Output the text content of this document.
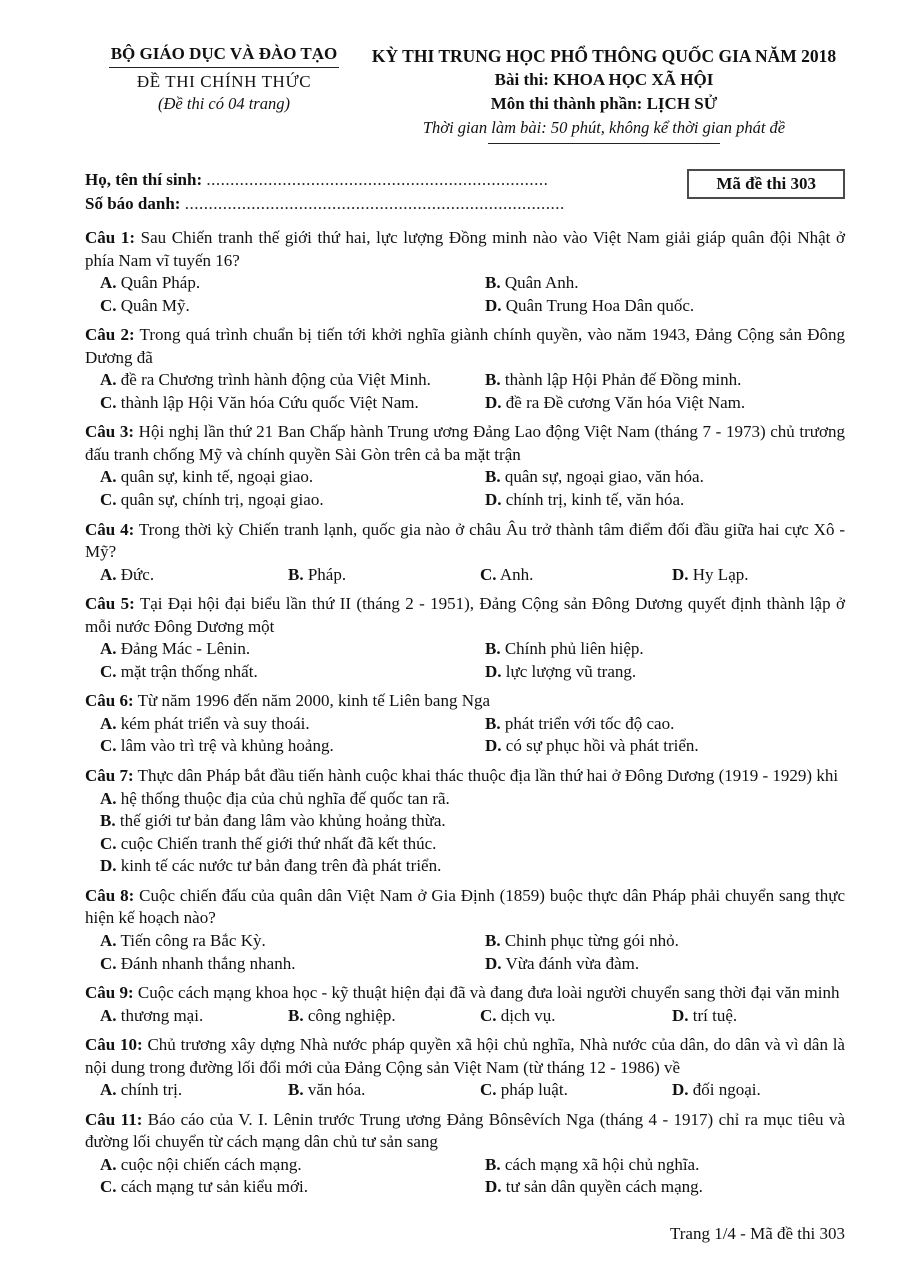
BỘ GIÁO DỤC VÀ ĐÀO TẠO
ĐỀ THI CHÍNH THỨC
(Đề thi có 04 trang)
KỲ THI TRUNG HỌC PHỔ THÔNG QUỐC GIA NĂM 2018
Bài thi: KHOA HỌC XÃ HỘI
Môn thi thành phần: LỊCH SỬ
Thời gian làm bài: 50 phút, không kể thời gian phát đề
Họ, tên thí sinh: ........................................................................
Số báo danh: ................................................................................
Mã đề thi 303

Câu 1: Sau Chiến tranh thế giới thứ hai, lực lượng Đồng minh nào vào Việt Nam giải giáp quân đội Nhật ở phía Nam vĩ tuyến 16?

A. Quân Pháp.	B. Quân Anh.
C. Quân Mỹ.	D. Quân Trung Hoa Dân quốc.

Câu 2: Trong quá trình chuẩn bị tiến tới khởi nghĩa giành chính quyền, vào năm 1943, Đảng Cộng sản Đông Dương đã

A. đề ra Chương trình hành động của Việt Minh.	B. thành lập Hội Phản đế Đồng minh.
C. thành lập Hội Văn hóa Cứu quốc Việt Nam.	D. đề ra Đề cương Văn hóa Việt Nam.

Câu 3: Hội nghị lần thứ 21 Ban Chấp hành Trung ương Đảng Lao động Việt Nam (tháng 7 - 1973) chủ trương đấu tranh chống Mỹ và chính quyền Sài Gòn trên cả ba mặt trận

A. quân sự, kinh tế, ngoại giao.	B. quân sự, ngoại giao, văn hóa.
C. quân sự, chính trị, ngoại giao.	D. chính trị, kinh tế, văn hóa.

Câu 4: Trong thời kỳ Chiến tranh lạnh, quốc gia nào ở châu Âu trở thành tâm điểm đối đầu giữa hai cực Xô - Mỹ?

A. Đức.	B. Pháp.	C. Anh.	D. Hy Lạp.

Câu 5: Tại Đại hội đại biểu lần thứ II (tháng 2 - 1951), Đảng Cộng sản Đông Dương quyết định thành lập ở mỗi nước Đông Dương một

A. Đảng Mác - Lênin.	B. Chính phủ liên hiệp.
C. mặt trận thống nhất.	D. lực lượng vũ trang.

Câu 6: Từ năm 1996 đến năm 2000, kinh tế Liên bang Nga

A. kém phát triển và suy thoái.	B. phát triển với tốc độ cao.
C. lâm vào trì trệ và khủng hoảng.	D. có sự phục hồi và phát triển.

Câu 7: Thực dân Pháp bắt đầu tiến hành cuộc khai thác thuộc địa lần thứ hai ở Đông Dương (1919 - 1929) khi

A. hệ thống thuộc địa của chủ nghĩa đế quốc tan rã.
B. thế giới tư bản đang lâm vào khủng hoảng thừa.
C. cuộc Chiến tranh thế giới thứ nhất đã kết thúc.
D. kinh tế các nước tư bản đang trên đà phát triển.

Câu 8: Cuộc chiến đấu của quân dân Việt Nam ở Gia Định (1859) buộc thực dân Pháp phải chuyển sang thực hiện kế hoạch nào?

A. Tiến công ra Bắc Kỳ.	B. Chinh phục từng gói nhỏ.
C. Đánh nhanh thắng nhanh.	D. Vừa đánh vừa đàm.

Câu 9: Cuộc cách mạng khoa học - kỹ thuật hiện đại đã và đang đưa loài người chuyển sang thời đại văn minh

A. thương mại.	B. công nghiệp.	C. dịch vụ.	D. trí tuệ.

Câu 10: Chủ trương xây dựng Nhà nước pháp quyền xã hội chủ nghĩa, Nhà nước của dân, do dân và vì dân là nội dung trong đường lối đổi mới của Đảng Cộng sản Việt Nam (từ tháng 12 - 1986) về

A. chính trị.	B. văn hóa.	C. pháp luật.	D. đối ngoại.

Câu 11: Báo cáo của V. I. Lênin trước Trung ương Đảng Bônsêvích Nga (tháng 4 - 1917) chỉ ra mục tiêu và đường lối chuyển từ cách mạng dân chủ tư sản sang

A. cuộc nội chiến cách mạng.	B. cách mạng xã hội chủ nghĩa.
C. cách mạng tư sản kiểu mới.	D. tư sản dân quyền cách mạng.
Trang 1/4 - Mã đề thi 303
